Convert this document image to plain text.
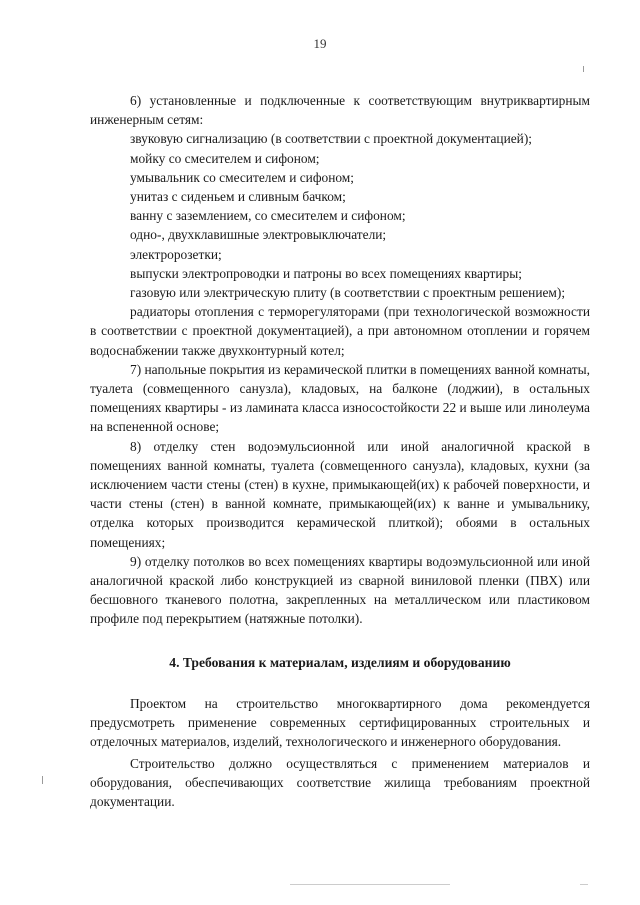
19

6) установленные и подключенные к соответствующим внутриквартирным инженерным сетям:

звуковую сигнализацию (в соответствии с проектной документацией);

мойку со смесителем и сифоном;

умывальник со смесителем и сифоном;

унитаз с сиденьем и сливным бачком;

ванну с заземлением, со смесителем и сифоном;

одно-, двухклавишные электровыключатели;

электророзетки;

выпуски электропроводки и патроны во всех помещениях квартиры;

газовую или электрическую плиту (в соответствии с проектным решением);

радиаторы отопления с терморегуляторами (при технологической возможности в соответствии с проектной документацией), а при автономном отоплении и горячем водоснабжении также двухконтурный котел;

7) напольные покрытия из керамической плитки в помещениях ванной комнаты, туалета (совмещенного санузла), кладовых, на балконе (лоджии), в остальных помещениях квартиры - из ламината класса износостойкости 22 и выше или линолеума на вспененной основе;

8) отделку стен водоэмульсионной или иной аналогичной краской в помещениях ванной комнаты, туалета (совмещенного санузла), кладовых, кухни (за исключением части стены (стен) в кухне, примыкающей(их) к рабочей поверхности, и части стены (стен) в ванной комнате, примыкающей(их) к ванне и умывальнику, отделка которых производится керамической плиткой); обоями в остальных помещениях;

9) отделку потолков во всех помещениях квартиры водоэмульсионной или иной аналогичной краской либо конструкцией из сварной виниловой пленки (ПВХ) или бесшовного тканевого полотна, закрепленных на металлическом или пластиковом профиле под перекрытием (натяжные потолки).

4. Требования к материалам, изделиям и оборудованию

Проектом на строительство многоквартирного дома рекомендуется предусмотреть применение современных сертифицированных строительных и отделочных материалов, изделий, технологического и инженерного оборудования.

Строительство должно осуществляться с применением материалов и оборудования, обеспечивающих соответствие жилища требованиям проектной документации.
